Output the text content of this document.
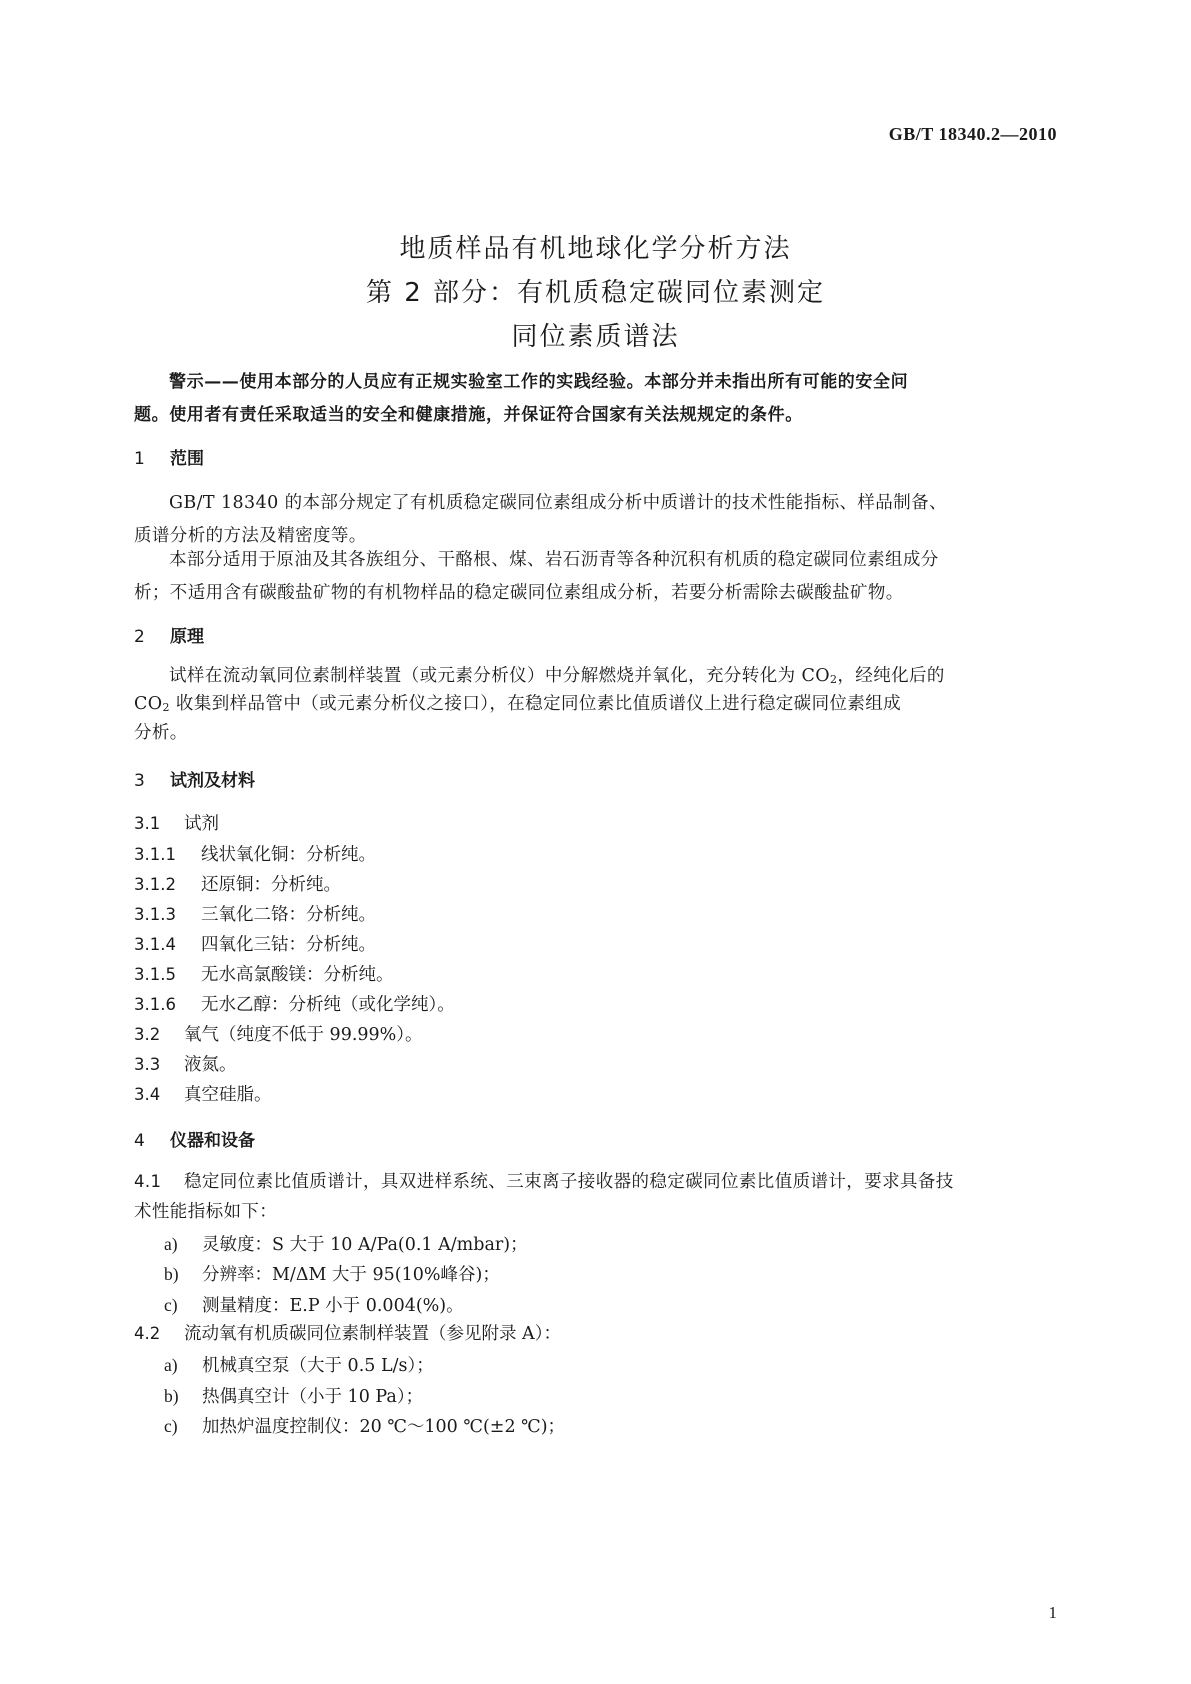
GB/T 18340.2—2010
地质样品有机地球化学分析方法
第 2 部分：有机质稳定碳同位素测定
同位素质谱法
警示——使用本部分的人员应有正规实验室工作的实践经验。本部分并未指出所有可能的安全问
题。使用者有责任采取适当的安全和健康措施，并保证符合国家有关法规规定的条件。
1 范围
GB/T 18340 的本部分规定了有机质稳定碳同位素组成分析中质谱计的技术性能指标、样品制备、
质谱分析的方法及精密度等。
本部分适用于原油及其各族组分、干酪根、煤、岩石沥青等各种沉积有机质的稳定碳同位素组成分
析；不适用含有碳酸盐矿物的有机物样品的稳定碳同位素组成分析，若要分析需除去碳酸盐矿物。
2 原理
试样在流动氧同位素制样装置（或元素分析仪）中分解燃烧并氧化，充分转化为 $CO_2$，经纯化后的
$CO_2$ 收集到样品管中（或元素分析仪之接口），在稳定同位素比值质谱仪上进行稳定碳同位素组成
分析。
3 试剂及材料
3.1 试剂
3.1.1 线状氧化铜：分析纯。
3.1.2 还原铜：分析纯。
3.1.3 三氧化二铬：分析纯。
3.1.4 四氧化三钴：分析纯。
3.1.5 无水高氯酸镁：分析纯。
3.1.6 无水乙醇：分析纯（或化学纯）。
3.2 氧气（纯度不低于 99.99%）。
3.3 液氮。
3.4 真空硅脂。
4 仪器和设备
4.1 稳定同位素比值质谱计，具双进样系统、三束离子接收器的稳定碳同位素比值质谱计，要求具备技
术性能指标如下：
a) 灵敏度：S 大于 10 A/Pa(0.1 A/mbar)；
b) 分辨率：M/ΔM 大于 95(10%峰谷)；
c) 测量精度：E.P 小于 0.004(%)。
4.2 流动氧有机质碳同位素制样装置（参见附录 A）：
a) 机械真空泵（大于 0.5 L/s）；
b) 热偶真空计（小于 10 Pa）；
c) 加热炉温度控制仪：20 ℃～100 ℃(±2 ℃)；
1
